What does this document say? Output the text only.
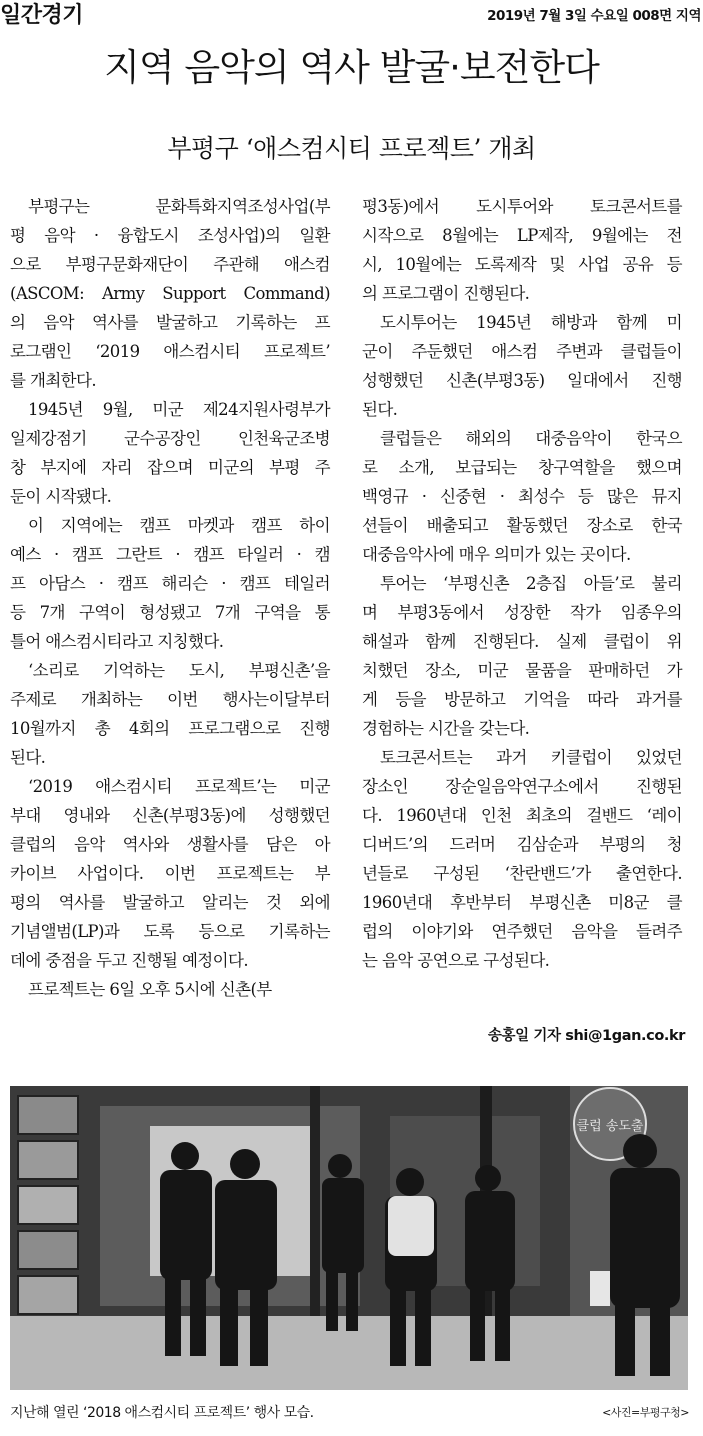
일간경기	2019년 7월 3일 수요일 008면 지역
지역 음악의 역사 발굴·보전한다
부평구 ‘애스컴시티 프로젝트’ 개최
부평구는 문화특화지역조성사업(부
평 음악 · 융합도시 조성사업)의 일환
으로 부평구문화재단이 주관해 애스컴
(ASCOM: Army Support Command)
의 음악 역사를 발굴하고 기록하는 프
로그램인 ‘2019 애스컴시티 프로젝트’
를 개최한다.
1945년 9월, 미군 제24지원사령부가
일제강점기 군수공장인 인천육군조병
창 부지에 자리 잡으며 미군의 부평 주
둔이 시작됐다.
이 지역에는 캠프 마켓과 캠프 하이
예스 · 캠프 그란트 · 캠프 타일러 · 캠
프 아담스 · 캠프 해리슨 · 캠프 테일러
등 7개 구역이 형성됐고 7개 구역을 통
틀어 애스컴시티라고 지칭했다.
‘소리로 기억하는 도시, 부평신촌’을
주제로 개최하는 이번 행사는이달부터
10월까지 총 4회의 프로그램으로 진행
된다.
‘2019 애스컴시티 프로젝트’는 미군
부대 영내와 신촌(부평3동)에 성행했던
클럽의 음악 역사와 생활사를 담은 아
카이브 사업이다. 이번 프로젝트는 부
평의 역사를 발굴하고 알리는 것 외에
기념앨범(LP)과 도록 등으로 기록하는
데에 중점을 두고 진행될 예정이다.
프로젝트는 6일 오후 5시에 신촌(부
평3동)에서 도시투어와 토크콘서트를
시작으로 8월에는 LP제작, 9월에는 전
시, 10월에는 도록제작 및 사업 공유 등
의 프로그램이 진행된다.
도시투어는 1945년 해방과 함께 미
군이 주둔했던 애스컴 주변과 클럽들이
성행했던 신촌(부평3동) 일대에서 진행
된다.
클럽들은 해외의 대중음악이 한국으
로 소개, 보급되는 창구역할을 했으며
백영규 · 신중현 · 최성수 등 많은 뮤지
션들이 배출되고 활동했던 장소로 한국
대중음악사에 매우 의미가 있는 곳이다.
투어는 ‘부평신촌 2층집 아들’로 불리
며 부평3동에서 성장한 작가 임종우의
해설과 함께 진행된다. 실제 클럽이 위
치했던 장소, 미군 물품을 판매하던 가
게 등을 방문하고 기억을 따라 과거를
경험하는 시간을 갖는다.
토크콘서트는 과거 키클럽이 있었던
장소인 장순일음악연구소에서 진행된
다. 1960년대 인천 최초의 걸밴드 ‘레이
디버드’의 드러머 김삼순과 부평의 청
년들로 구성된 ‘찬란밴드’가 출연한다.
1960년대 후반부터 부평신촌 미8군 클
럽의 이야기와 연주했던 음악을 들려주
는 음악 공연으로 구성된다.
송홍일 기자 shi@1gan.co.kr
클럽 송도출
지난해 열린 ‘2018 애스컴시티 프로젝트’ 행사 모습.	<사진=부평구청>
